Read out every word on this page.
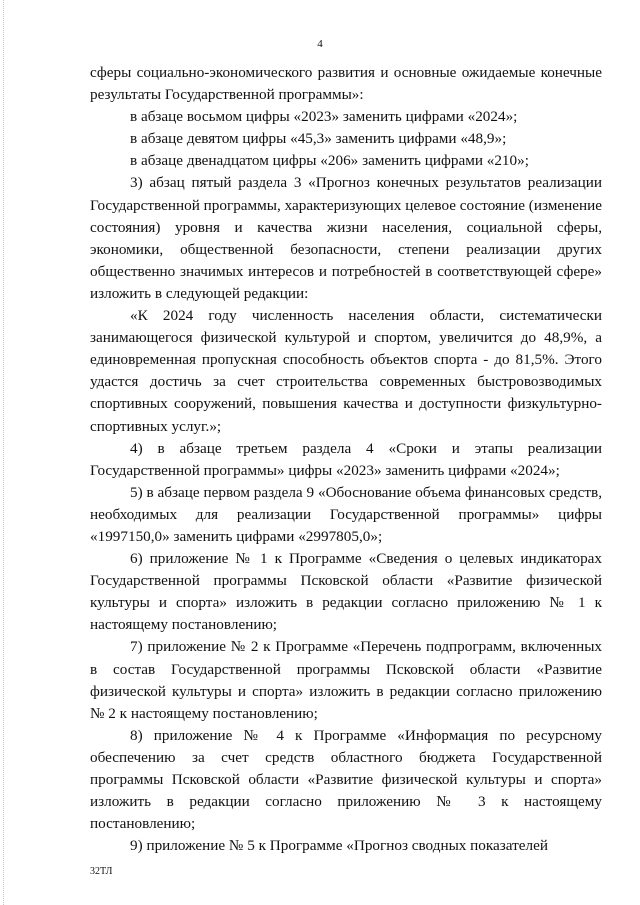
4

сферы социально-экономического развития и основные ожидаемые конечные результаты Государственной программы»:

в абзаце восьмом цифры «2023» заменить цифрами «2024»;

в абзаце девятом цифры «45,3» заменить цифрами «48,9»;

в абзаце двенадцатом цифры «206» заменить цифрами «210»;

3) абзац пятый раздела 3 «Прогноз конечных результатов реализации Государственной программы, характеризующих целевое состояние (изменение состояния) уровня и качества жизни населения, социальной сферы, экономики, общественной безопасности, степени реализации других общественно значимых интересов и потребностей в соответствующей сфере» изложить в следующей редакции:

«К 2024 году численность населения области, систематически занимающегося физической культурой и спортом, увеличится до 48,9%, а единовременная пропускная способность объектов спорта - до 81,5%. Этого удастся достичь за счет строительства современных быстровозводимых спортивных сооружений, повышения качества и доступности физкультурно-спортивных услуг.»;

4) в абзаце третьем раздела 4 «Сроки и этапы реализации Государственной программы» цифры «2023» заменить цифрами «2024»;

5) в абзаце первом раздела 9 «Обоснование объема финансовых средств, необходимых для реализации Государственной программы» цифры «1997150,0» заменить цифрами «2997805,0»;

6) приложение № 1 к Программе «Сведения о целевых индикаторах Государственной программы Псковской области «Развитие физической культуры и спорта» изложить в редакции согласно приложению № 1 к настоящему постановлению;

7) приложение № 2 к Программе «Перечень подпрограмм, включенных в состав Государственной программы Псковской области «Развитие физической культуры и спорта» изложить в редакции согласно приложению № 2 к настоящему постановлению;

8) приложение № 4 к Программе «Информация по ресурсному обеспечению за счет средств областного бюджета Государственной программы Псковской области «Развитие физической культуры и спорта» изложить в редакции согласно приложению № 3 к настоящему постановлению;

9) приложение № 5 к Программе «Прогноз сводных показателей

32ТЛ
